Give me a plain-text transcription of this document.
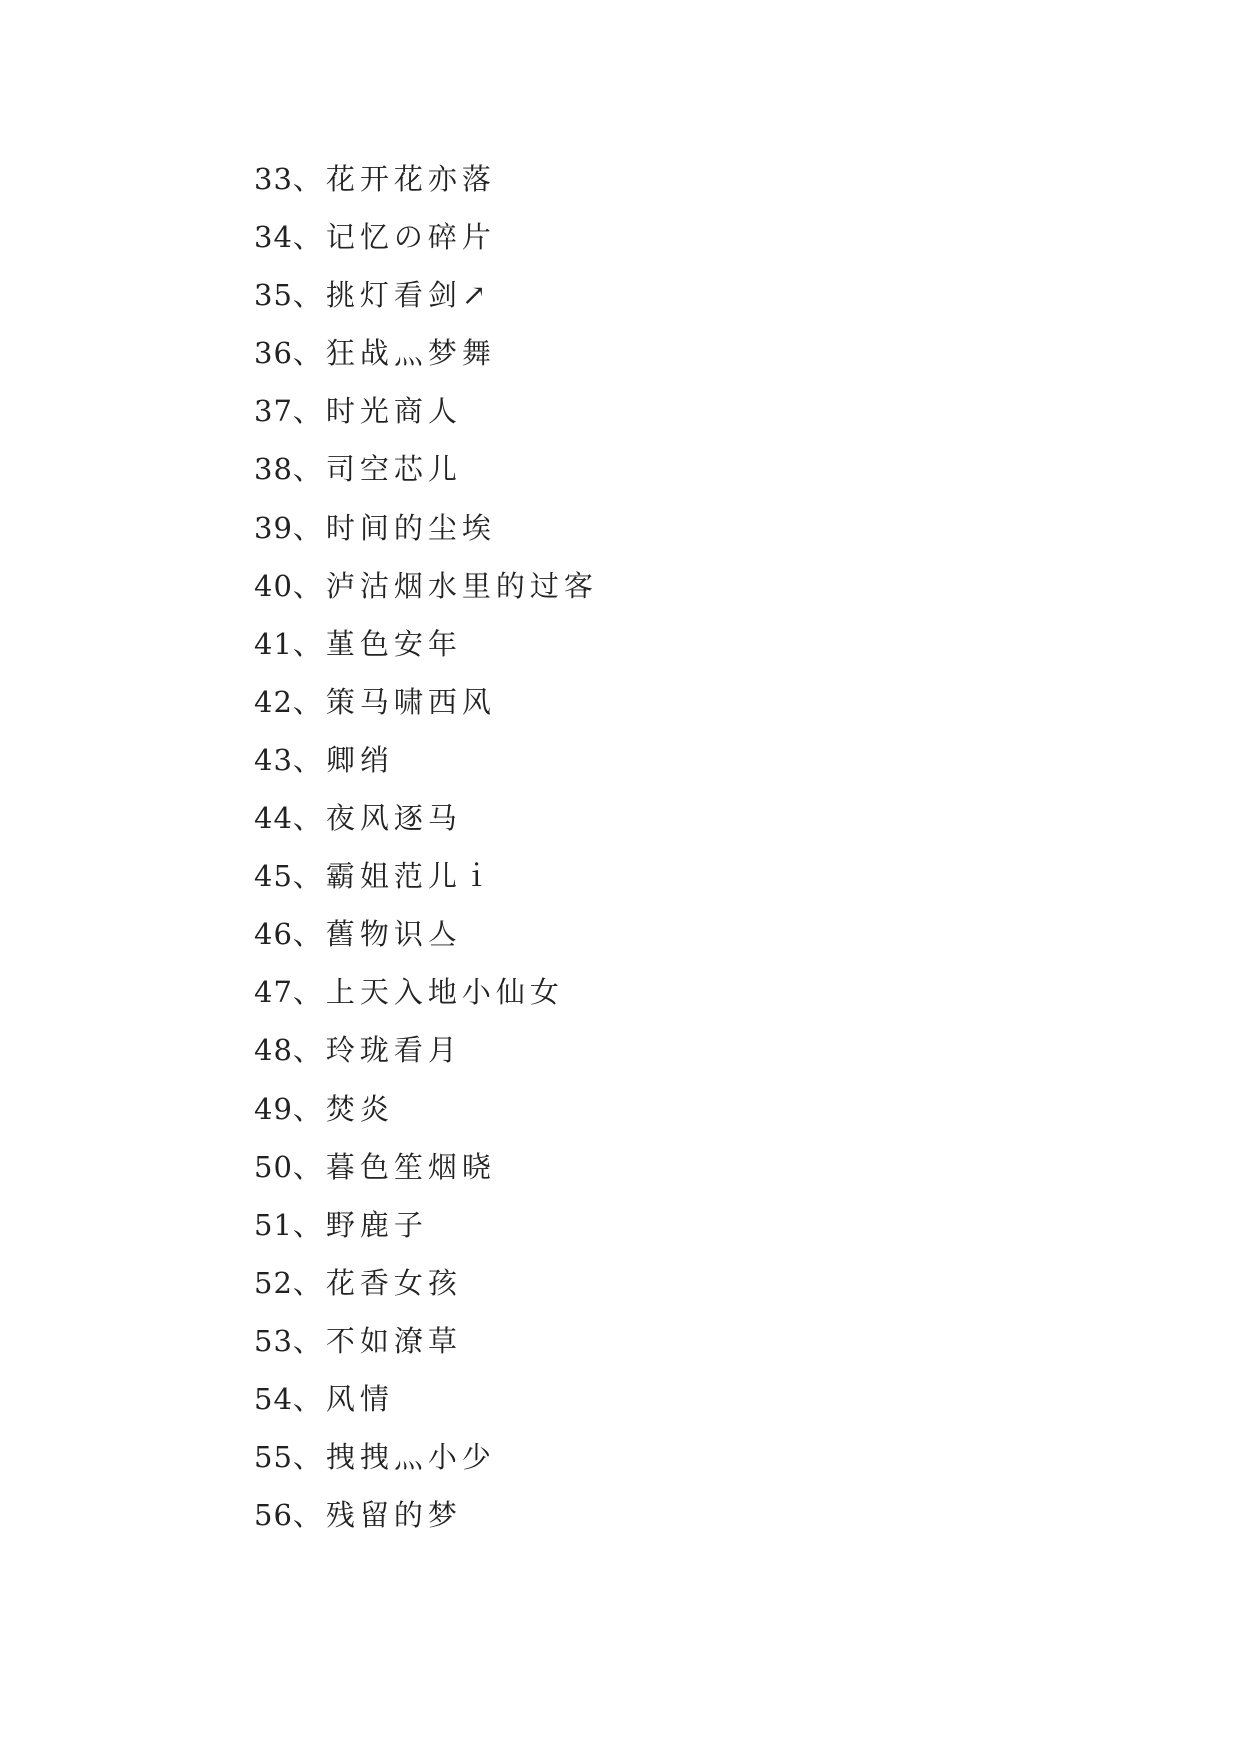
33 、 花开花亦落
34 、 记忆の碎片
35 、 挑灯看剑↗
36 、 狂战灬梦舞
37 、 时光商人
38 、 司空芯儿
39 、 时间的尘埃
40 、 泸沽烟水里的过客
41 、 堇色安年
42 、 策马啸西风
43 、 卿绡
44 、 夜风逐马
45 、 霸姐范儿ｉ
46 、 舊物识亼
47 、 上天入地小仙女
48 、 玲珑看月
49 、 焚炎
50 、 暮色笙烟晓
51 、 野鹿子
52 、 花香女孩
53 、 不如潦草
54 、 风情
55 、 拽拽灬小少
56 、 残留的梦
